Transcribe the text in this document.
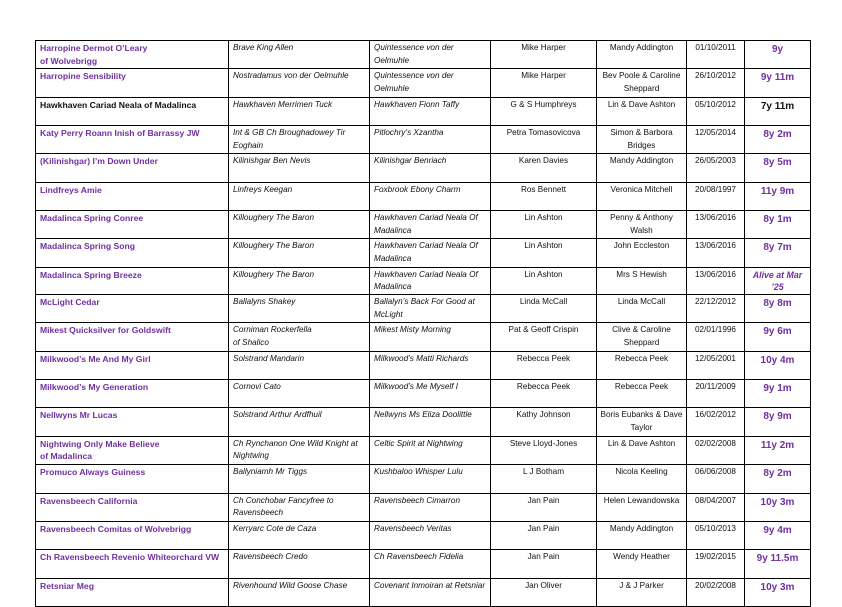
Harropine Dermot O’Leary
of Wolvebrigg	Brave King Allen	Quintessence von der Oelmuhle	Mike Harper	Mandy Addington	01/10/2011	9y
Harropine Sensibility	Nostradamus von der Oelmuhle	Quintessence von der Oelmuhle	Mike Harper	Bev Poole & Caroline Sheppard	26/10/2012	9y 11m
Hawkhaven Cariad Neala of Madalinca	Hawkhaven Merrimen Tuck	Hawkhaven Fionn Taffy	G & S Humphreys	Lin & Dave Ashton	05/10/2012	7y 11m
Katy Perry Roann Inish of Barrassy JW	Int & GB Ch Broughadowey Tir Eoghain	Pitlochry’s Xzantha	Petra Tomasovicova	Simon & Barbora Bridges	12/05/2014	8y 2m
(Kilinishgar) I’m Down Under	Kilinishgar Ben Nevis	Kilinishgar Benriach	Karen Davies	Mandy Addington	26/05/2003	8y 5m
Lindfreys Amie	Linfreys Keegan	Foxbrook Ebony Charm	Ros Bennett	Veronica Mitchell	20/08/1997	11y 9m
Madalinca Spring Conree	Killoughery The Baron	Hawkhaven Cariad Neala Of Madalinca	Lin Ashton	Penny & Anthony Walsh	13/06/2016	8y 1m
Madalinca Spring Song	Killoughery The Baron	Hawkhaven Cariad Neala Of Madalinca	Lin Ashton	John Eccleston	13/06/2016	8y 7m
Madalinca Spring Breeze	Killoughery The Baron	Hawkhaven Cariad Neala Of Madalinca	Lin Ashton	Mrs S Hewish	13/06/2016	Alive at Mar ’25
McLight Cedar	Ballalyns Shakey	Ballalyn’s Back For Good at McLight	Linda McCall	Linda McCall	22/12/2012	8y 8m
Mikest Quicksilver for Goldswift	Corniman Rockerfella
of Shalico	Mikest Misty Morning	Pat & Geoff Crispin	Clive & Caroline Sheppard	02/01/1996	9y 6m
Milkwood’s Me And My Girl	Solstrand Mandarin	Milkwood’s Matti Richards	Rebecca Peek	Rebecca Peek	12/05/2001	10y 4m
Milkwood’s My Generation	Cornovi Cato	Milkwood’s Me Myself I	Rebecca Peek	Rebecca Peek	20/11/2009	9y 1m
Nellwyns Mr Lucas	Solstrand Arthur Ardfhuil	Nellwyns Ms Eliza Doolittle	Kathy Johnson	Boris Eubanks & Dave Taylor	16/02/2012	8y 9m
Nightwing Only Make Believe
of Madalinca	Ch Rynchanon One Wild Knight at Nightwing	Celtic Spirit at Nightwing	Steve Lloyd-Jones	Lin & Dave Ashton	02/02/2008	11y 2m
Promuco Always Guiness	Ballyniamh Mr Tiggs	Kushbaloo Whisper Lulu	L J Botham	Nicola Keeling	06/06/2008	8y 2m
Ravensbeech California	Ch Conchobar Fancyfree to Ravensbeech	Ravensbeech Cimarron	Jan Pain	Helen Lewandowska	08/04/2007	10y 3m
Ravensbeech Comitas of Wolvebrigg	Kerryarc Cote de Caza	Ravensbeech Veritas	Jan Pain	Mandy Addington	05/10/2013	9y 4m
Ch Ravensbeech Revenio Whiteorchard VW	Ravensbeech Credo	Ch Ravensbeech Fidelia	Jan Pain	Wendy Heather	19/02/2015	9y 11.5m
Retsniar Meg	Rivenhound Wild Goose Chase	Covenant Inmoiran at Retsniar	Jan Oliver	J & J Parker	20/02/2008	10y 3m
